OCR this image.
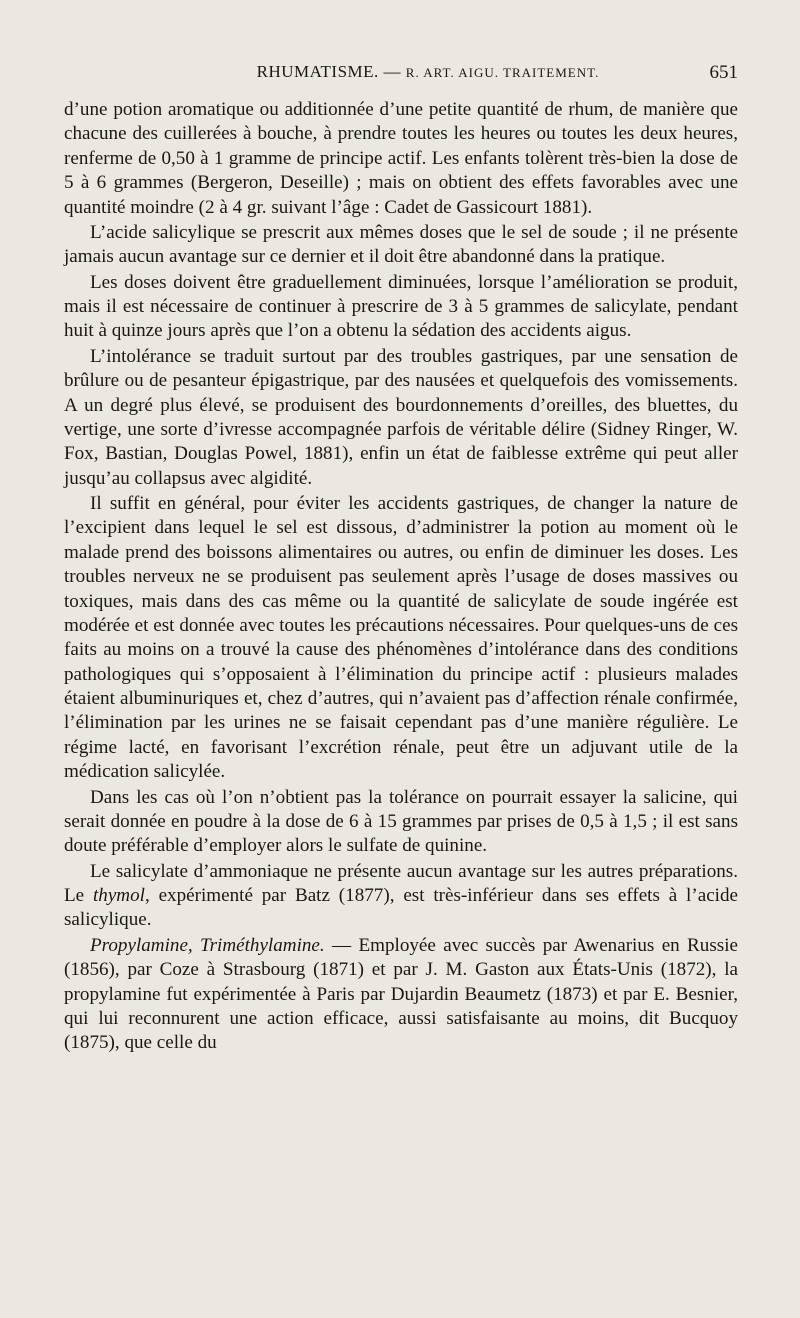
RHUMATISME. — R. ART. AIGU. TRAITEMENT.	651

d’une potion aromatique ou additionnée d’une petite quantité de rhum, de manière que chacune des cuillerées à bouche, à prendre toutes les heures ou toutes les deux heures, renferme de 0,50 à 1 gramme de principe actif. Les enfants tolèrent très-bien la dose de 5 à 6 grammes (Bergeron, Deseille) ; mais on obtient des effets favorables avec une quantité moindre (2 à 4 gr. suivant l’âge : Cadet de Gassicourt 1881).

L’acide salicylique se prescrit aux mêmes doses que le sel de soude ; il ne présente jamais aucun avantage sur ce dernier et il doit être abandonné dans la pratique.

Les doses doivent être graduellement diminuées, lorsque l’amélioration se produit, mais il est nécessaire de continuer à prescrire de 3 à 5 grammes de salicylate, pendant huit à quinze jours après que l’on a obtenu la sédation des accidents aigus.

L’intolérance se traduit surtout par des troubles gastriques, par une sensation de brûlure ou de pesanteur épigastrique, par des nausées et quelquefois des vomissements. A un degré plus élevé, se produisent des bourdonnements d’oreilles, des bluettes, du vertige, une sorte d’ivresse accompagnée parfois de véritable délire (Sidney Ringer, W. Fox, Bastian, Douglas Powel, 1881), enfin un état de faiblesse extrême qui peut aller jusqu’au collapsus avec algidité.

Il suffit en général, pour éviter les accidents gastriques, de changer la nature de l’excipient dans lequel le sel est dissous, d’administrer la potion au moment où le malade prend des boissons alimentaires ou autres, ou enfin de diminuer les doses. Les troubles nerveux ne se produisent pas seulement après l’usage de doses massives ou toxiques, mais dans des cas même ou la quantité de salicylate de soude ingérée est modérée et est donnée avec toutes les précautions nécessaires. Pour quelques-uns de ces faits au moins on a trouvé la cause des phénomènes d’intolérance dans des conditions pathologiques qui s’opposaient à l’élimination du principe actif : plusieurs malades étaient albuminuriques et, chez d’autres, qui n’avaient pas d’affection rénale confirmée, l’élimination par les urines ne se faisait cependant pas d’une manière régulière. Le régime lacté, en favorisant l’excrétion rénale, peut être un adjuvant utile de la médication salicylée.

Dans les cas où l’on n’obtient pas la tolérance on pourrait essayer la salicine, qui serait donnée en poudre à la dose de 6 à 15 grammes par prises de 0,5 à 1,5 ; il est sans doute préférable d’employer alors le sulfate de quinine.

Le salicylate d’ammoniaque ne présente aucun avantage sur les autres préparations. Le thymol, expérimenté par Batz (1877), est très-inférieur dans ses effets à l’acide salicylique.

Propylamine, Triméthylamine. — Employée avec succès par Awenarius en Russie (1856), par Coze à Strasbourg (1871) et par J. M. Gaston aux États-Unis (1872), la propylamine fut expérimentée à Paris par Dujardin Beaumetz (1873) et par E. Besnier, qui lui reconnurent une action efficace, aussi satisfaisante au moins, dit Bucquoy (1875), que celle du
